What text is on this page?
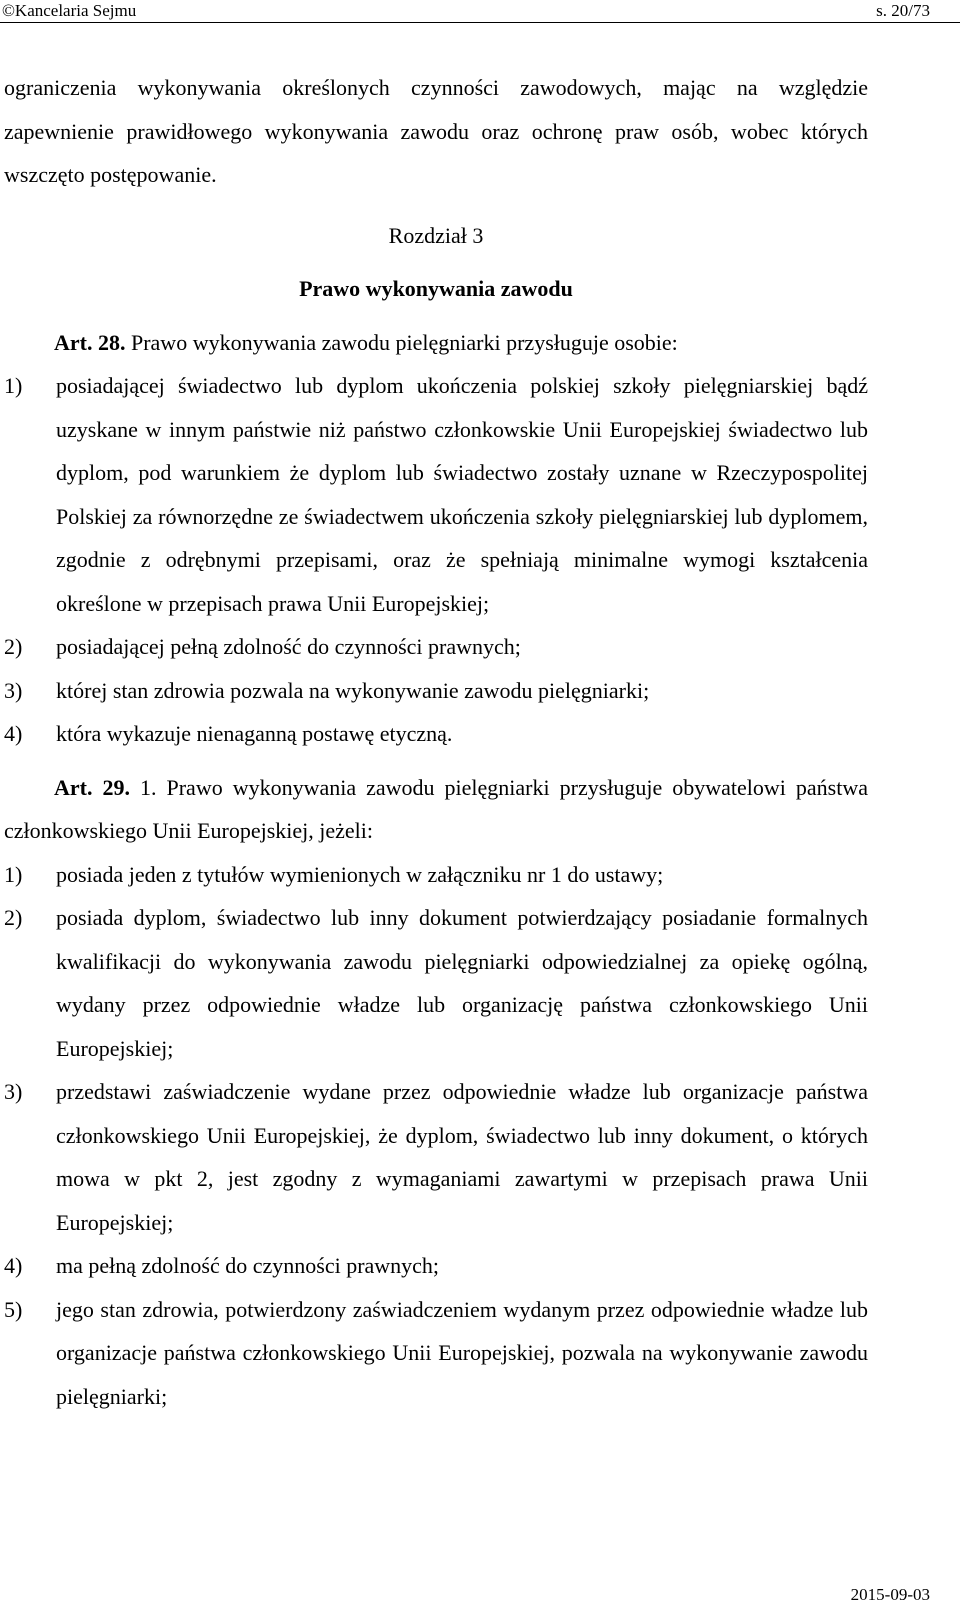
©Kancelaria Sejmu	s. 20/73

ograniczenia wykonywania określonych czynności zawodowych, mając na względzie zapewnienie prawidłowego wykonywania zawodu oraz ochronę praw osób, wobec których wszczęto postępowanie.

Rozdział 3
Prawo wykonywania zawodu
Art. 28. Prawo wykonywania zawodu pielęgniarki przysługuje osobie:
1) posiadającej świadectwo lub dyplom ukończenia polskiej szkoły pielęgniarskiej bądź uzyskane w innym państwie niż państwo członkowskie Unii Europejskiej świadectwo lub dyplom, pod warunkiem że dyplom lub świadectwo zostały uznane w Rzeczypospolitej Polskiej za równorzędne ze świadectwem ukończenia szkoły pielęgniarskiej lub dyplomem, zgodnie z odrębnymi przepisami, oraz że spełniają minimalne wymogi kształcenia określone w przepisach prawa Unii Europejskiej;
2) posiadającej pełną zdolność do czynności prawnych;
3) której stan zdrowia pozwala na wykonywanie zawodu pielęgniarki;
4) która wykazuje nienaganną postawę etyczną.
Art. 29. 1. Prawo wykonywania zawodu pielęgniarki przysługuje obywatelowi państwa członkowskiego Unii Europejskiej, jeżeli:
1) posiada jeden z tytułów wymienionych w załączniku nr 1 do ustawy;
2) posiada dyplom, świadectwo lub inny dokument potwierdzający posiadanie formalnych kwalifikacji do wykonywania zawodu pielęgniarki odpowiedzialnej za opiekę ogólną, wydany przez odpowiednie władze lub organizację państwa członkowskiego Unii Europejskiej;
3) przedstawi zaświadczenie wydane przez odpowiednie władze lub organizacje państwa członkowskiego Unii Europejskiej, że dyplom, świadectwo lub inny dokument, o których mowa w pkt 2, jest zgodny z wymaganiami zawartymi w przepisach prawa Unii Europejskiej;
4) ma pełną zdolność do czynności prawnych;
5) jego stan zdrowia, potwierdzony zaświadczeniem wydanym przez odpowiednie władze lub organizacje państwa członkowskiego Unii Europejskiej, pozwala na wykonywanie zawodu pielęgniarki;
2015-09-03
